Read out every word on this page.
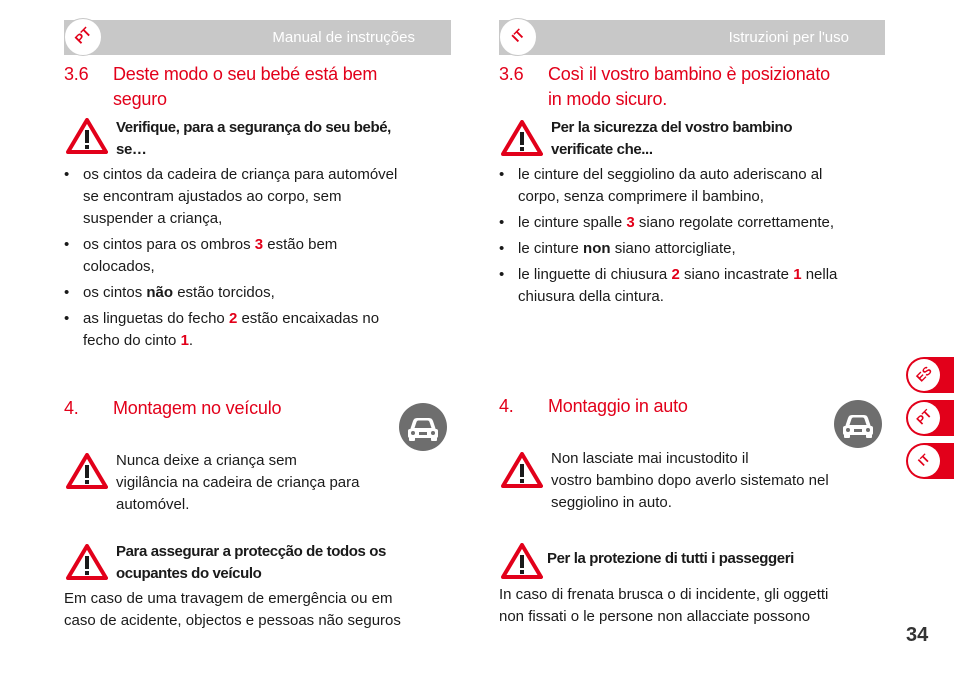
PT	Manual de instruções
3.6 Deste modo o seu bebé está bem
seguro
Verifique, para a segurança do seu bebé,
se…
• os cintos da cadeira de criança para automóvel
se encontram ajustados ao corpo, sem
suspender a criança,
• os cintos para os ombros 3 estão bem
colocados,
• os cintos não estão torcidos,
• as linguetas do fecho 2 estão encaixadas no
fecho do cinto 1.
4. Montagem no veículo
Nunca deixe a criança sem
vigilância na cadeira de criança para
automóvel.
Para assegurar a protecção de todos os
ocupantes do veículo
Em caso de uma travagem de emergência ou em
caso de acidente, objectos e pessoas não seguros
IT	Istruzioni per l'uso
3.6 Così il vostro bambino è posizionato
in modo sicuro.
Per la sicurezza del vostro bambino
verificate che...
• le cinture del seggiolino da auto aderiscano al
corpo, senza comprimere il bambino,
• le cinture spalle 3 siano regolate correttamente,
• le cinture non siano attorcigliate,
• le linguette di chiusura 2 siano incastrate 1 nella
chiusura della cintura.
4. Montaggio in auto
Non lasciate mai incustodito il
vostro bambino dopo averlo sistemato nel
seggiolino in auto.
Per la protezione di tutti i passeggeri
In caso di frenata brusca o di incidente, gli oggetti
non fissati o le persone non allacciate possono
ES
PT
IT
34
